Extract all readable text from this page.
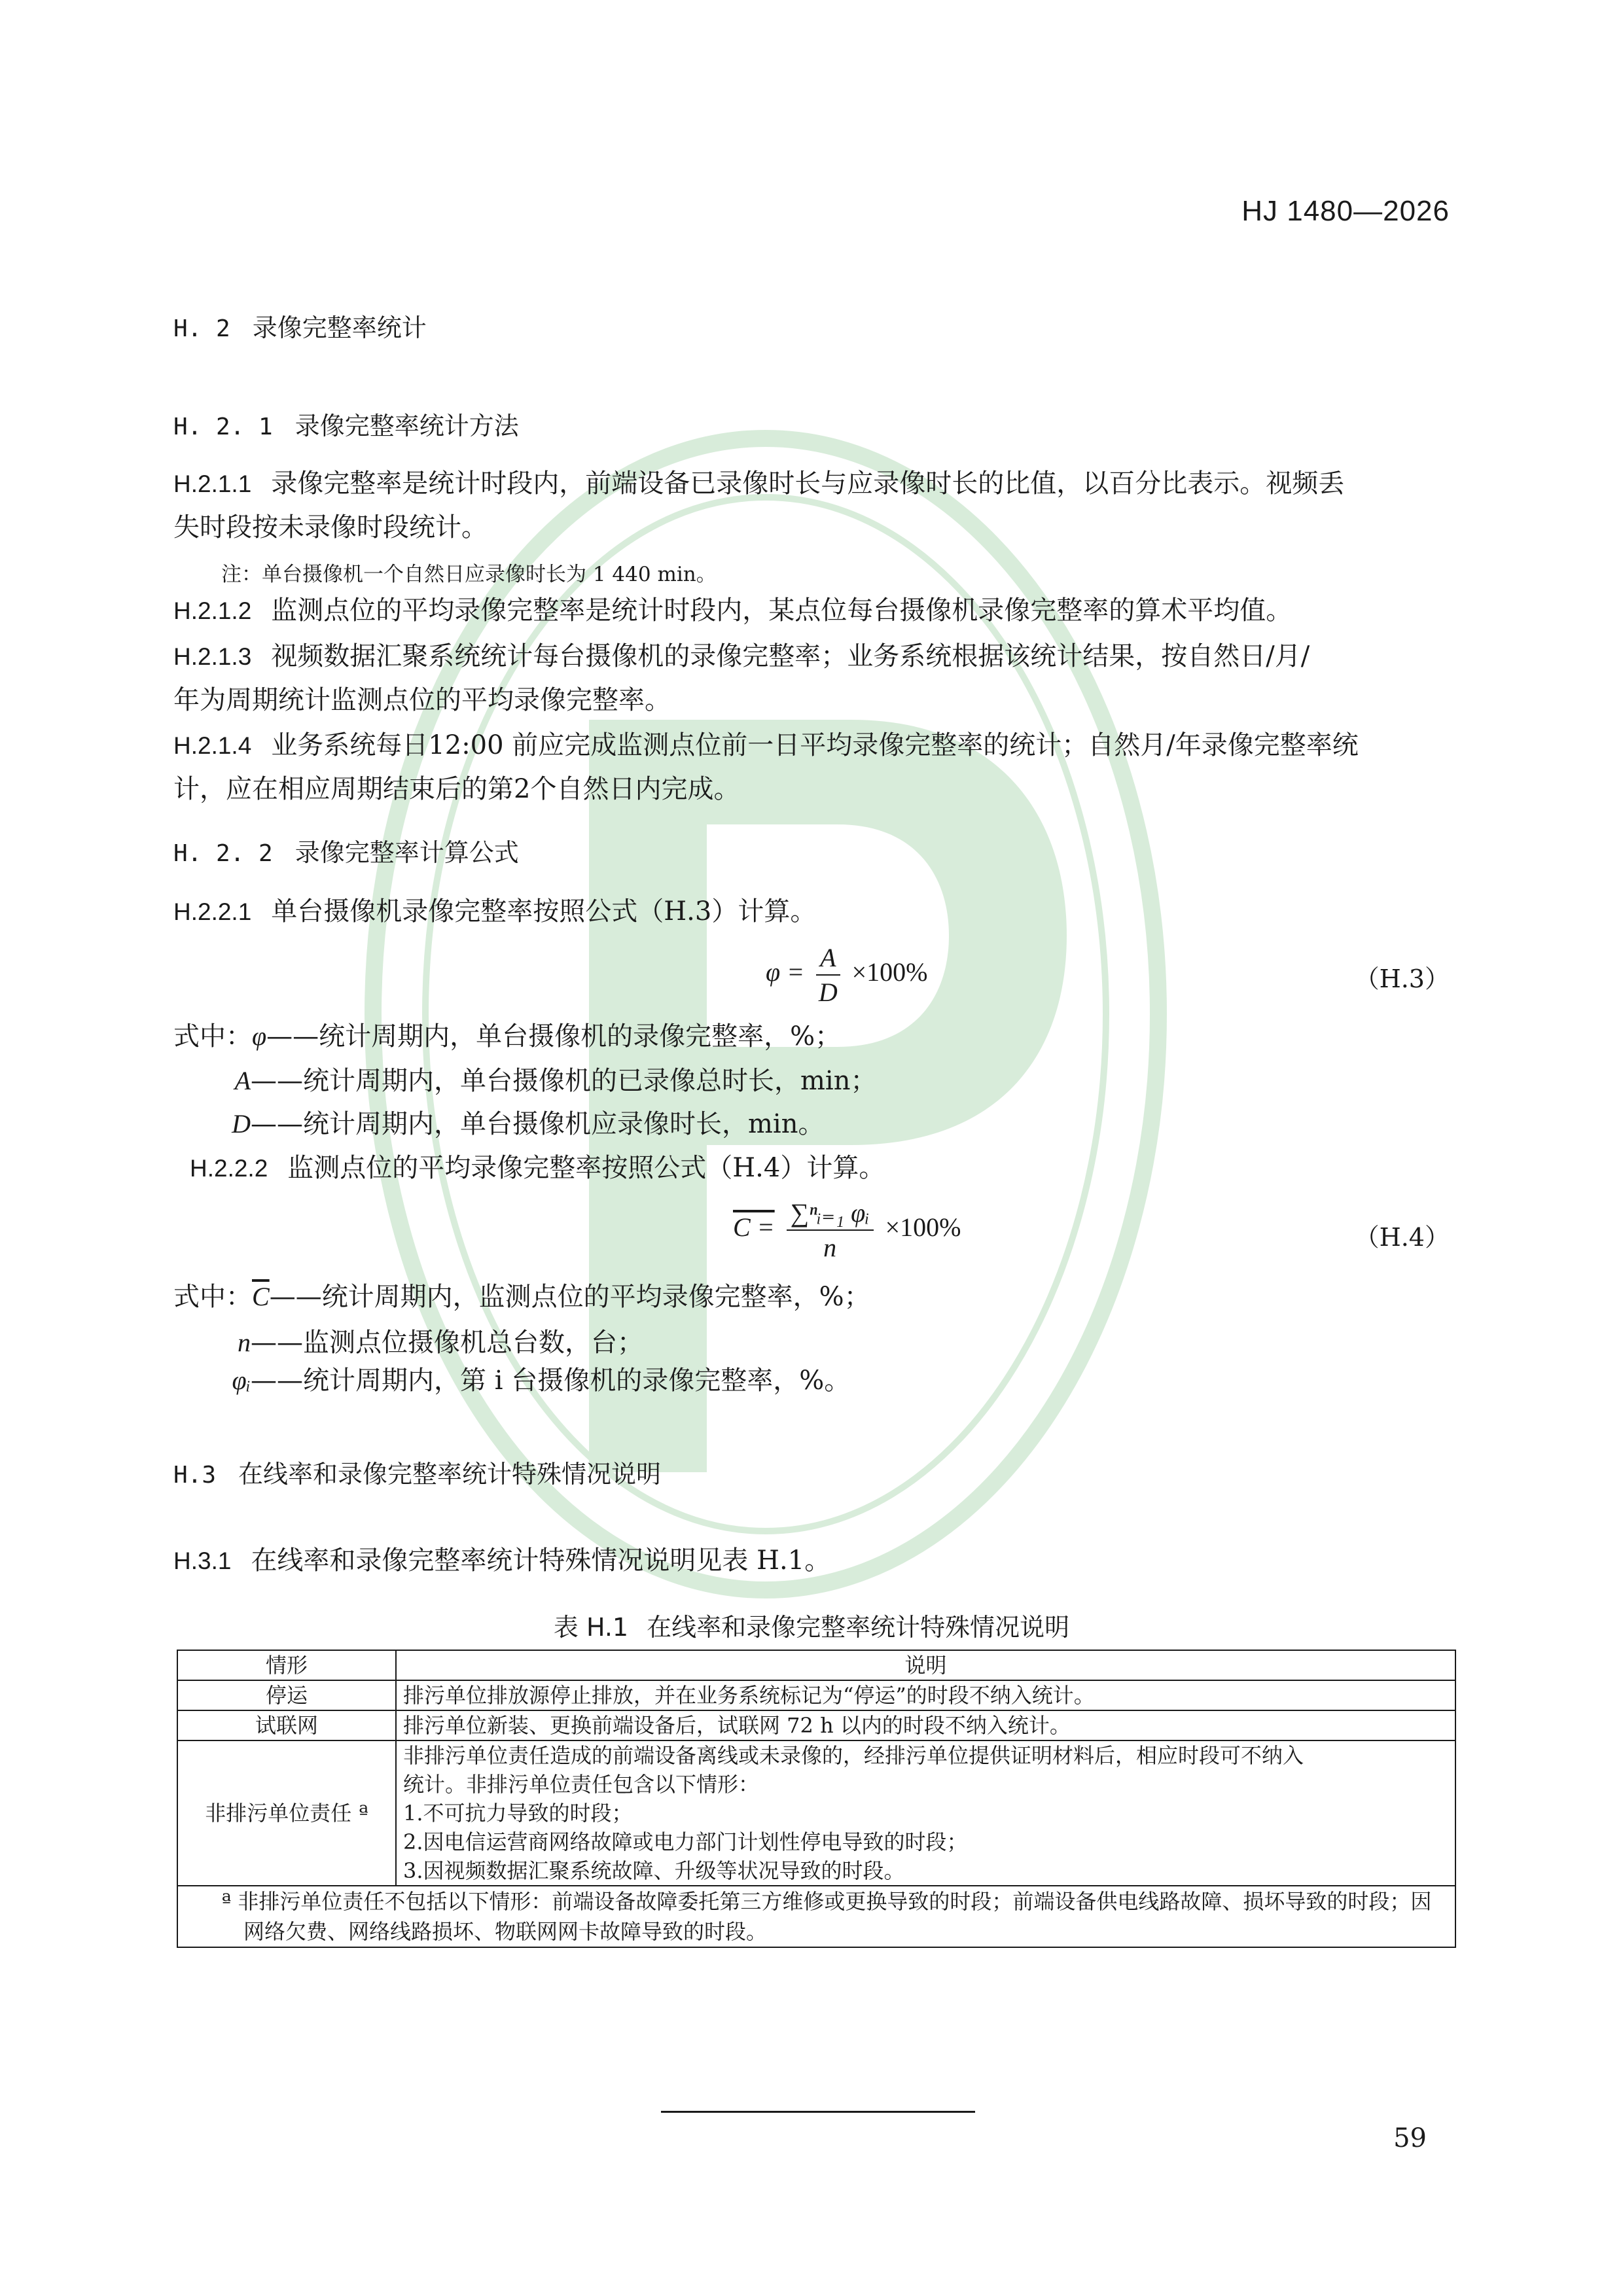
HJ 1480—2026
H. 2 录像完整率统计
H. 2. 1 录像完整率统计方法
H.2.1.1 录像完整率是统计时段内，前端设备已录像时长与应录像时长的比值，以百分比表示。视频丢
失时段按未录像时段统计。
注：单台摄像机一个自然日应录像时长为 1 440 min。
H.2.1.2 监测点位的平均录像完整率是统计时段内，某点位每台摄像机录像完整率的算术平均值。
H.2.1.3 视频数据汇聚系统统计每台摄像机的录像完整率；业务系统根据该统计结果，按自然日/月/
年为周期统计监测点位的平均录像完整率。
H.2.1.4 业务系统每日12:00 前应完成监测点位前一日平均录像完整率的统计；自然月/年录像完整率统
计，应在相应周期结束后的第2个自然日内完成。
H. 2. 2 录像完整率计算公式
H.2.2.1 单台摄像机录像完整率按照公式（H.3）计算。
$\varphi = \frac{A}{D} \times 100\%$	（H.3）
式中：φ——统计周期内，单台摄像机的录像完整率，%；
A——统计周期内，单台摄像机的已录像总时长，min；
D——统计周期内，单台摄像机应录像时长，min。
H.2.2.2 监测点位的平均录像完整率按照公式（H.4）计算。
$C = \frac{\text{∑ⁿᵢ₌₁ φᵢ}}{n} \times 100\%$	（H.4）
式中：$\overline{C}——$统计周期内，监测点位的平均录像完整率，%；
n——监测点位摄像机总台数，台；
φᵢ——统计周期内，第 i 台摄像机的录像完整率，%。
H.3 在线率和录像完整率统计特殊情况说明
H.3.1 在线率和录像完整率统计特殊情况说明见表 H.1。
表 H.1 在线率和录像完整率统计特殊情况说明
情形	说明
停运	排污单位排放源停止排放，并在业务系统标记为“停运”的时段不纳入统计。
试联网	排污单位新装、更换前端设备后，试联网 72 h 以内的时段不纳入统计。
非排污单位责任 ª	非排污单位责任造成的前端设备离线或未录像的，经排污单位提供证明材料后，相应时段可不纳入
统计。非排污单位责任包含以下情形：
1.不可抗力导致的时段；
2.因电信运营商网络故障或电力部门计划性停电导致的时段；
3.因视频数据汇聚系统故障、升级等状况导致的时段。
ª 非排污单位责任不包括以下情形：前端设备故障委托第三方维修或更换导致的时段；前端设备供电线路故障、损坏导致的时段；因网络欠费、网络线路损坏、物联网网卡故障导致的时段。	
59
